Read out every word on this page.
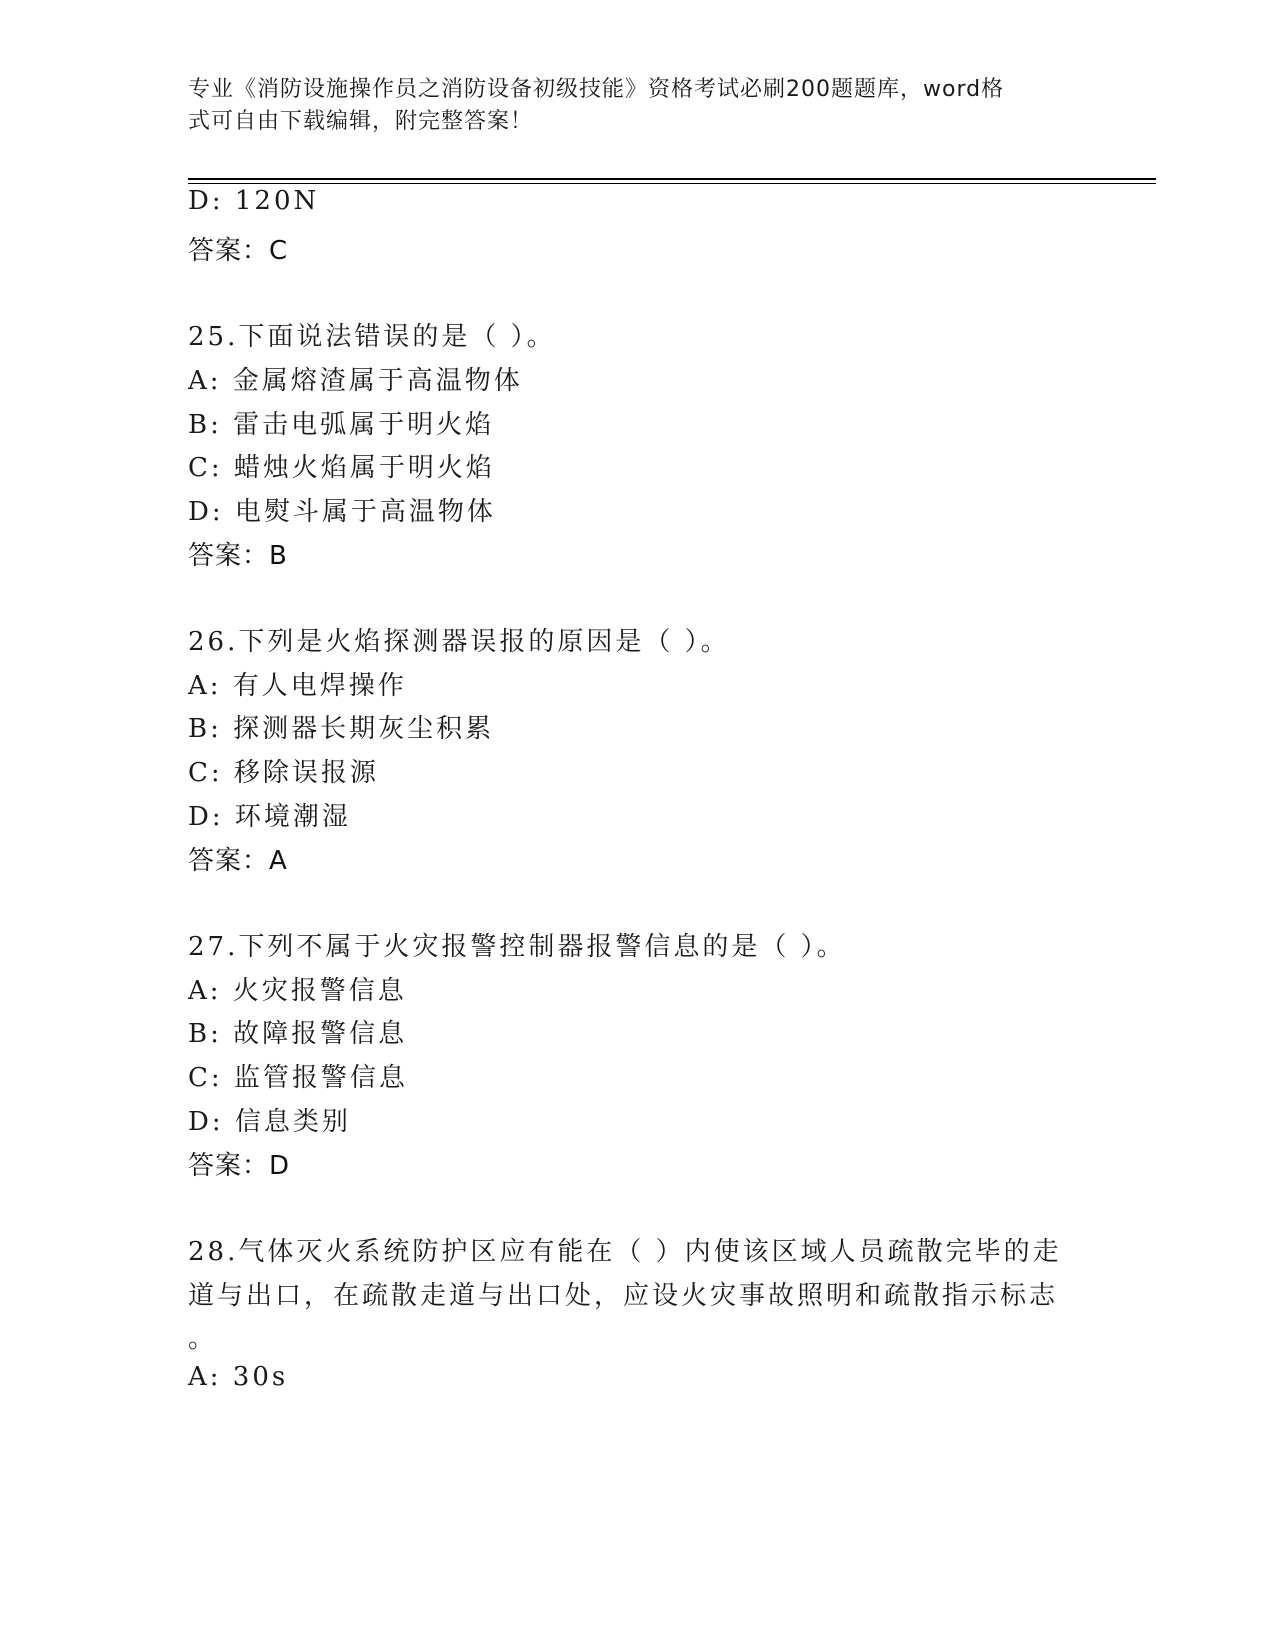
专业《消防设施操作员之消防设备初级技能》资格考试必刷200题题库，word格
式可自由下载编辑，附完整答案！
D: 120N
答案：C
25.下面说法错误的是（ ）。
A: 金属熔渣属于高温物体
B: 雷击电弧属于明火焰
C: 蜡烛火焰属于明火焰
D: 电熨斗属于高温物体
答案：B
26.下列是火焰探测器误报的原因是（ ）。
A: 有人电焊操作
B: 探测器长期灰尘积累
C: 移除误报源
D: 环境潮湿
答案：A
27.下列不属于火灾报警控制器报警信息的是（ ）。
A: 火灾报警信息
B: 故障报警信息
C: 监管报警信息
D: 信息类别
答案：D
28.气体灭火系统防护区应有能在（ ）内使该区域人员疏散完毕的走
道与出口，在疏散走道与出口处，应设火灾事故照明和疏散指示标志
。
A: 30s
